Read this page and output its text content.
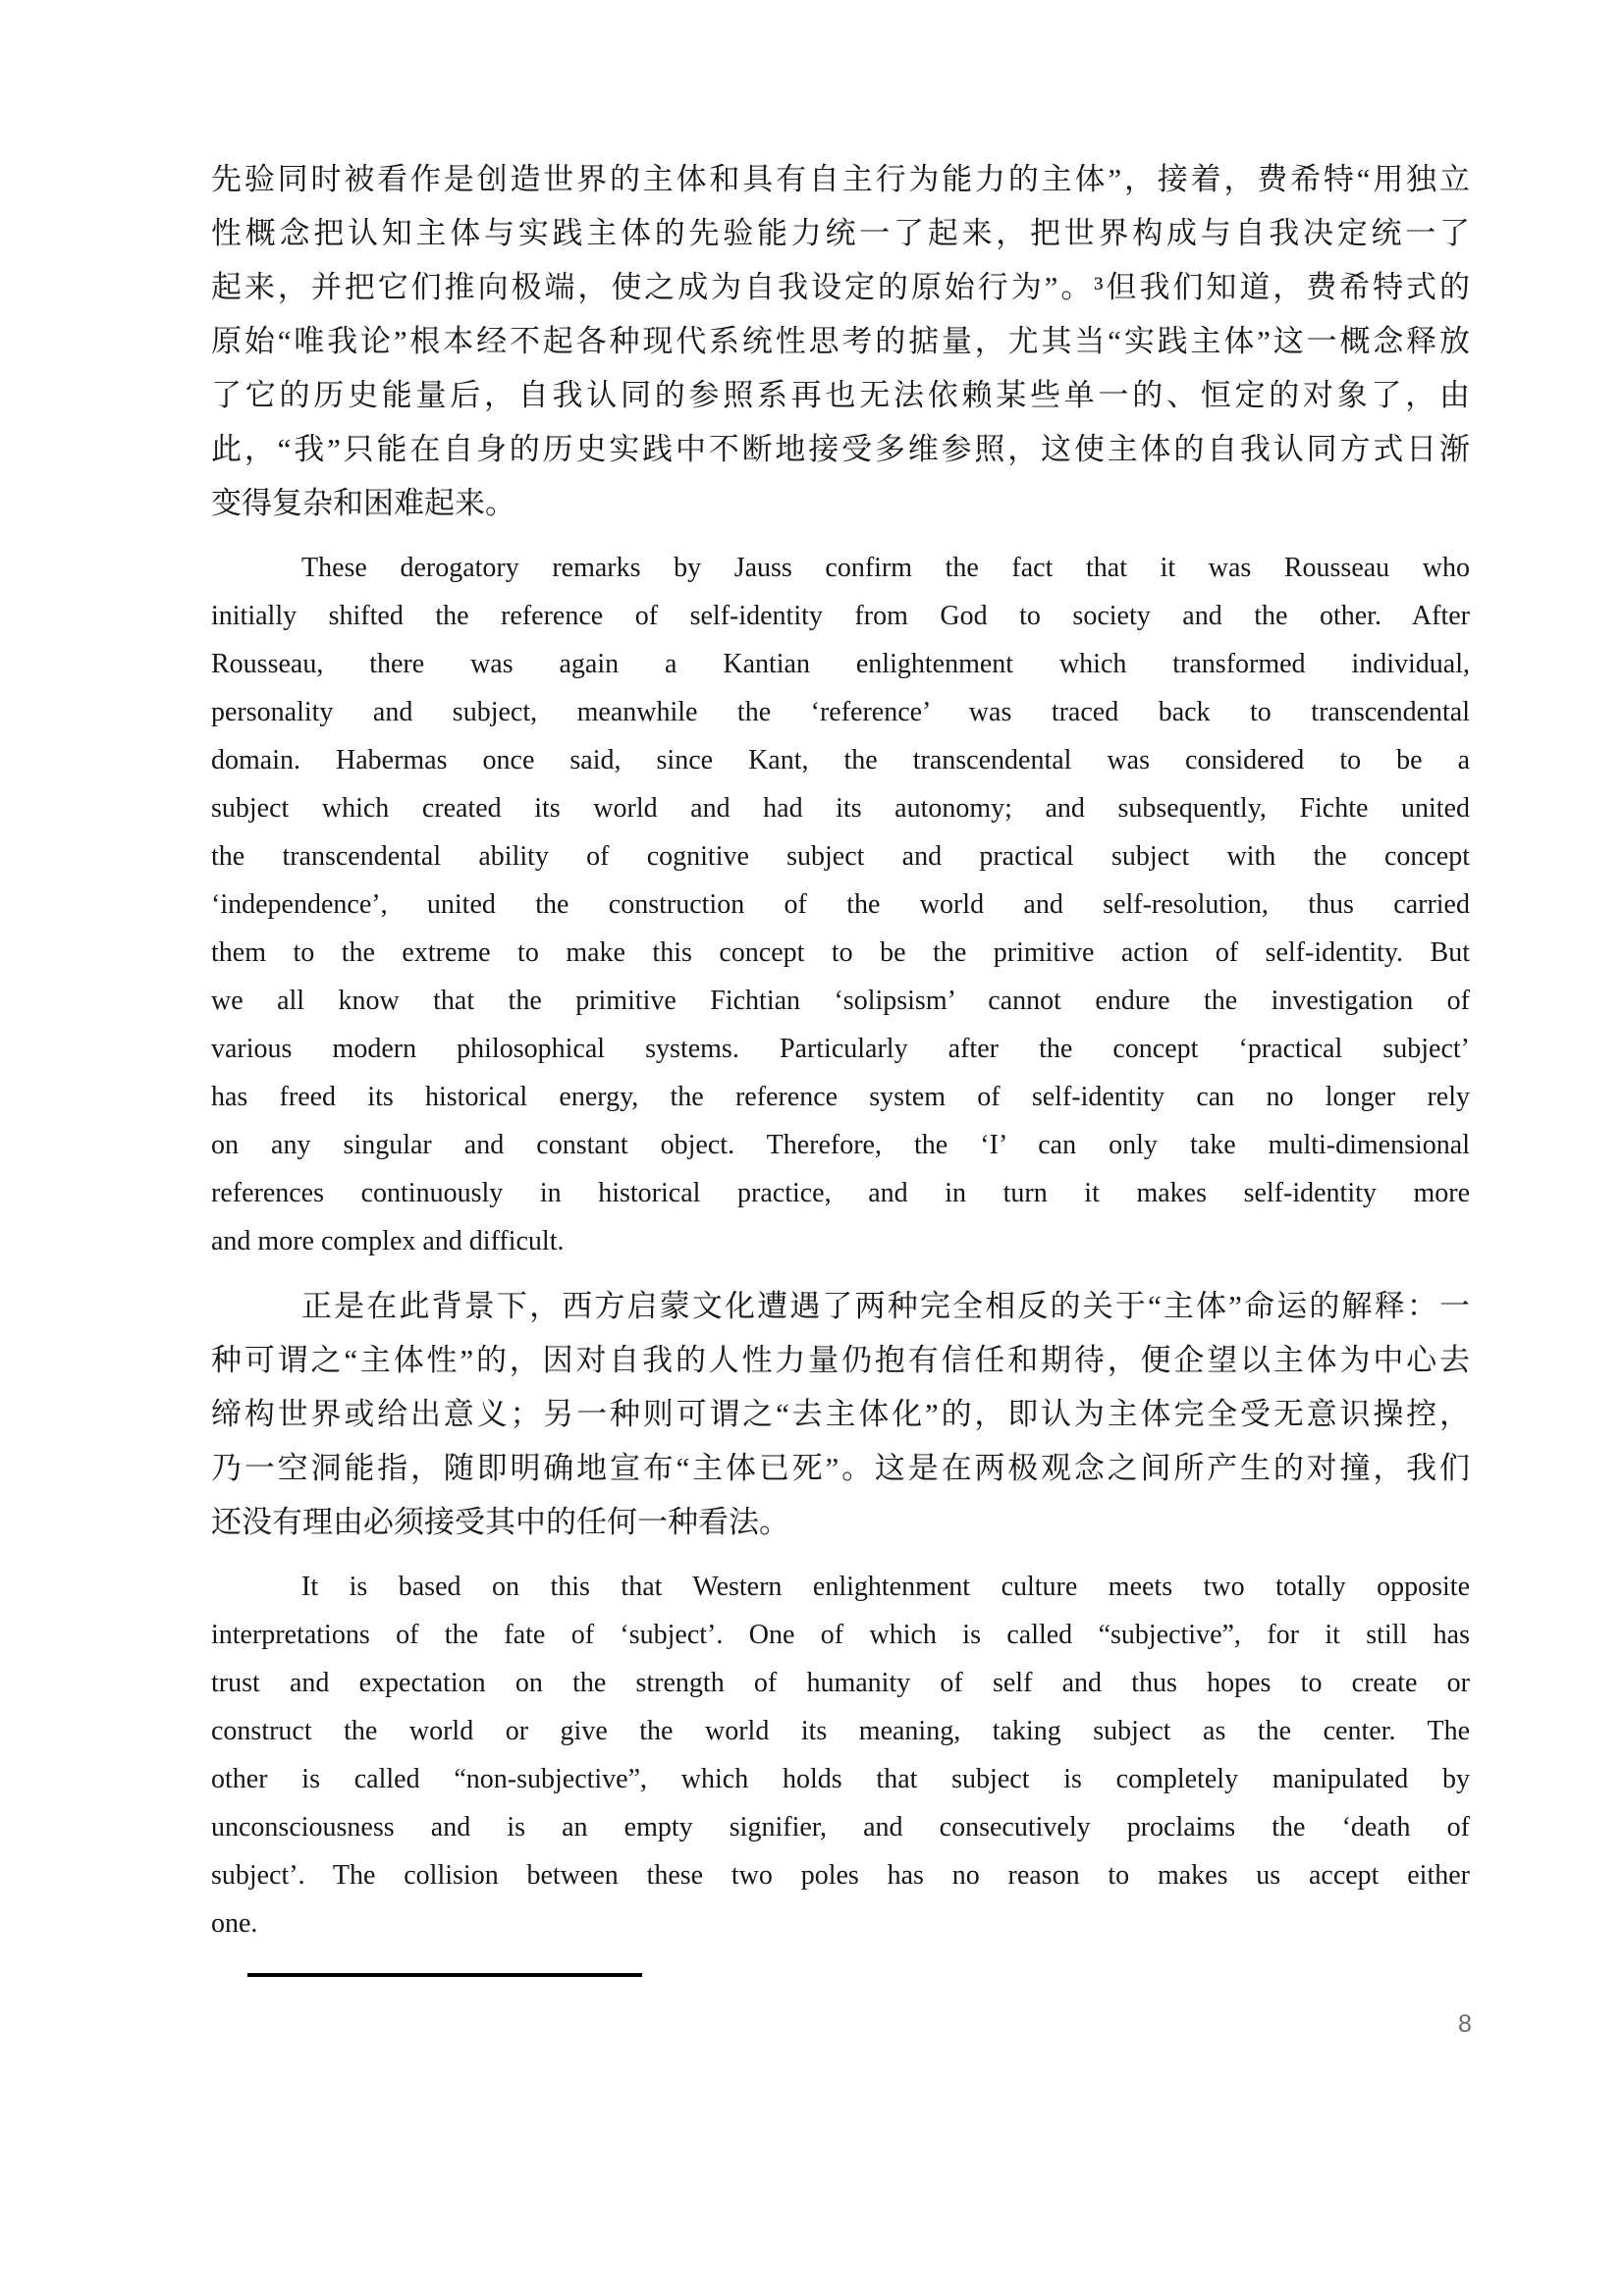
先验同时被看作是创造世界的主体和具有自主行为能力的主体”，接着，费希特“用独立
性概念把认知主体与实践主体的先验能力统一了起来，把世界构成与自我决定统一了
起来，并把它们推向极端，使之成为自我设定的原始行为”。³但我们知道，费希特式的
原始“唯我论”根本经不起各种现代系统性思考的掂量，尤其当“实践主体”这一概念释放
了它的历史能量后，自我认同的参照系再也无法依赖某些单一的、恒定的对象了，由
此，“我”只能在自身的历史实践中不断地接受多维参照，这使主体的自我认同方式日渐
变得复杂和困难起来。
These derogatory remarks by Jauss confirm the fact that it was Rousseau who
initially shifted the reference of self-identity from God to society and the other. After
Rousseau, there was again a Kantian enlightenment which transformed individual,
personality and subject, meanwhile the ‘reference’ was traced back to transcendental
domain. Habermas once said, since Kant, the transcendental was considered to be a
subject which created its world and had its autonomy; and subsequently, Fichte united
the transcendental ability of cognitive subject and practical subject with the concept
‘independence’, united the construction of the world and self-resolution, thus carried
them to the extreme to make this concept to be the primitive action of self-identity. But
we all know that the primitive Fichtian ‘solipsism’ cannot endure the investigation of
various modern philosophical systems. Particularly after the concept ‘practical subject’
has freed its historical energy, the reference system of self-identity can no longer rely
on any singular and constant object. Therefore, the ‘I’ can only take multi-dimensional
references continuously in historical practice, and in turn it makes self-identity more
and more complex and difficult.
正是在此背景下，西方启蒙文化遭遇了两种完全相反的关于“主体”命运的解释：一
种可谓之“主体性”的，因对自我的人性力量仍抱有信任和期待，便企望以主体为中心去
缔构世界或给出意义；另一种则可谓之“去主体化”的，即认为主体完全受无意识操控，
乃一空洞能指，随即明确地宣布“主体已死”。这是在两极观念之间所产生的对撞，我们
还没有理由必须接受其中的任何一种看法。
It is based on this that Western enlightenment culture meets two totally opposite
interpretations of the fate of ‘subject’. One of which is called “subjective”, for it still has
trust and expectation on the strength of humanity of self and thus hopes to create or
construct the world or give the world its meaning, taking subject as the center. The
other is called “non-subjective”, which holds that subject is completely manipulated by
unconsciousness and is an empty signifier, and consecutively proclaims the ‘death of
subject’. The collision between these two poles has no reason to makes us accept either
one.
8
